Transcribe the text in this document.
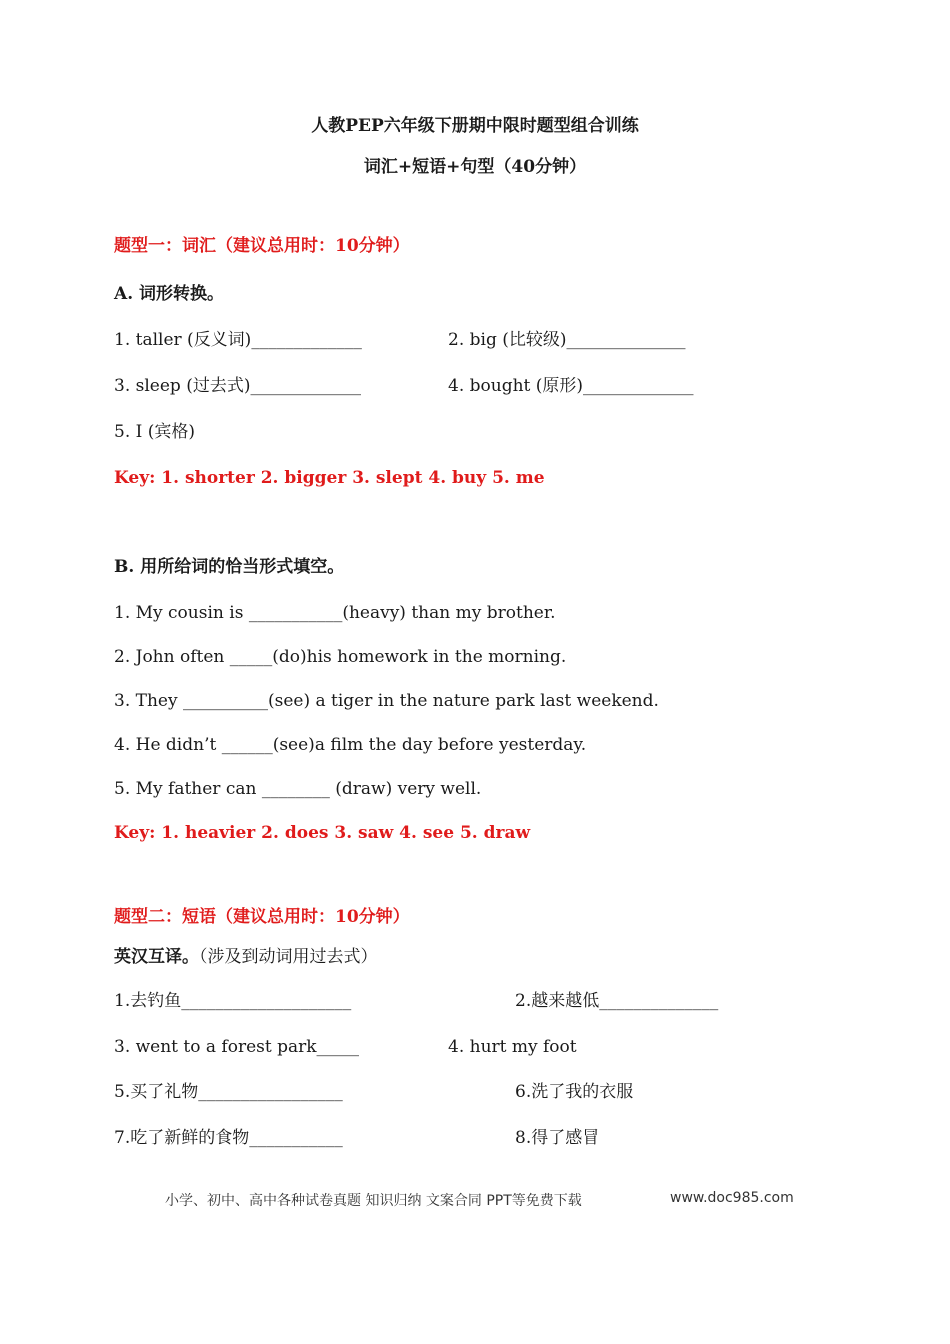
人教PEP六年级下册期中限时题型组合训练
词汇+短语+句型（40分钟）
题型一：词汇（建议总用时：10分钟）
A. 词形转换。
1. taller (反义词)_____________	2. big (比较级)______________
3. sleep (过去式)_____________	4. bought (原形)_____________
5. I (宾格)
Key: 1. shorter 2. bigger 3. slept 4. buy 5. me
B. 用所给词的恰当形式填空。
1. My cousin is ___________(heavy) than my brother.
2. John often _____(do)his homework in the morning.
3. They __________(see) a tiger in the nature park last weekend.
4. He didn’t ______(see)a film the day before yesterday.
5. My father can ________ (draw) very well.
Key: 1. heavier 2. does 3. saw 4. see 5. draw
题型二：短语（建议总用时：10分钟）
英汉互译。（涉及到动词用过去式）
1.去钓鱼____________________	2.越来越低______________
3. went to a forest park_____	4. hurt my foot
5.买了礼物_________________	6.洗了我的衣服
7.吃了新鲜的食物___________	8.得了感冒
小学、初中、高中各种试卷真题 知识归纳 文案合同 PPT等免费下载	www.doc985.com
